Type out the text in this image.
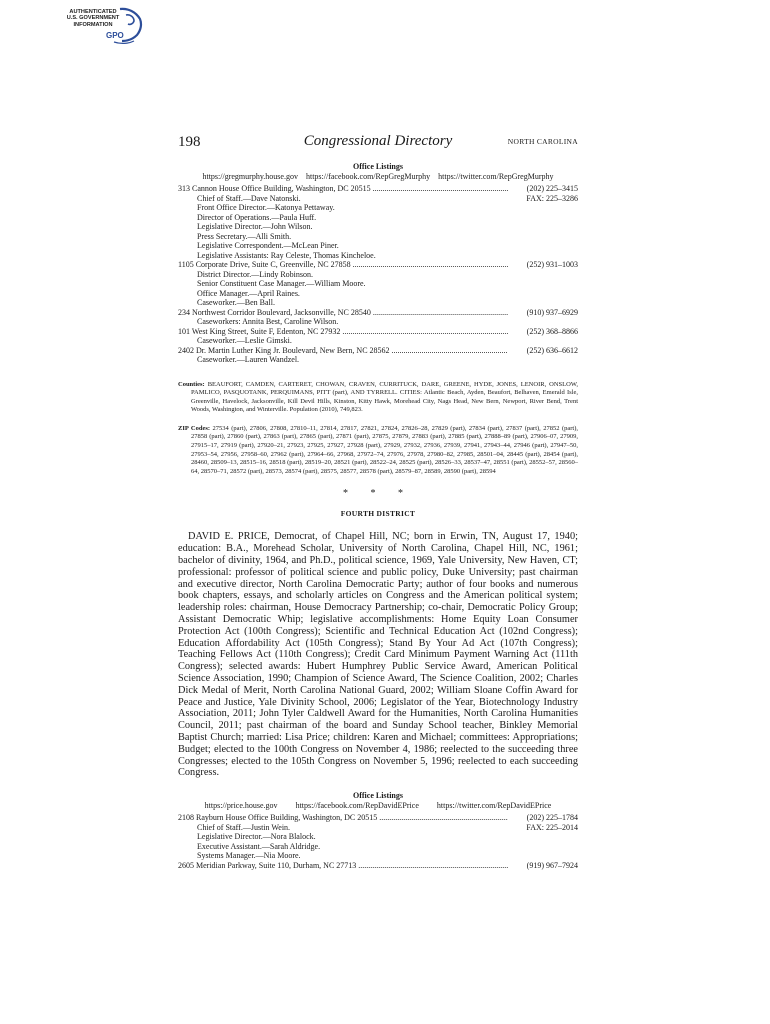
AUTHENTICATED
U.S. GOVERNMENT
INFORMATION
GPO
198	Congressional Directory	NORTH CAROLINA
Office Listings
https://gregmurphy.house.gov https://facebook.com/RepGregMurphy https://twitter.com/RepGregMurphy
313 Cannon House Office Building, Washington, DC 20515 .....	(202) 225–3415
FAX: 225–3286
Chief of Staff.—Dave Natonski.
Front Office Director.—Katonya Pettaway.
Director of Operations.—Paula Huff.
Legislative Director.—John Wilson.
Press Secretary.—Alli Smith.
Legislative Correspondent.—McLean Piner.
Legislative Assistants: Ray Celeste, Thomas Kincheloe.
1105 Corporate Drive, Suite C, Greenville, NC 27858 .....	(252) 931–1003
District Director.—Lindy Robinson.
Senior Constituent Case Manager.—William Moore.
Office Manager.—April Raines.
Caseworker.—Ben Ball.
234 Northwest Corridor Boulevard, Jacksonville, NC 28540 .....	(910) 937–6929
Caseworkers: Annita Best, Caroline Wilson.
101 West King Street, Suite F, Edenton, NC 27932 .....	(252) 368–8866
Caseworker.—Leslie Gimski.
2402 Dr. Martin Luther King Jr. Boulevard, New Bern, NC 28562 .....	(252) 636–6612
Caseworker.—Lauren Wandzel.
Counties: BEAUFORT, CAMDEN, CARTERET, CHOWAN, CRAVEN, CURRITUCK, DARE, GREENE, HYDE, JONES, LENOIR, ONSLOW, PAMLICO, PASQUOTANK, PERQUIMANS, PITT (part), AND TYRRELL. CITIES: Atlantic Beach, Ayden, Beaufort, Belhaven, Emerald Isle, Greenville, Havelock, Jacksonville, Kill Devil Hills, Kinston, Kitty Hawk, Morehead City, Nags Head, New Bern, Newport, River Bend, Trent Woods, Washington, and Winterville. Population (2010), 749,823.
ZIP Codes: 27534 (part), 27806, 27808, 27810–11, 27814, 27817, 27821, 27824, 27826–28, 27829 (part), 27834 (part), 27837 (part), 27852 (part), 27858 (part), 27860 (part), 27863 (part), 27865 (part), 27871 (part), 27875, 27879, 27883 (part), 27885 (part), 27888–89 (part), 27906–07, 27909, 27915–17, 27919 (part), 27920–21, 27923, 27925, 27927, 27928 (part), 27929, 27932, 27936, 27939, 27941, 27943–44, 27946 (part), 27947–50, 27953–54, 27956, 27958–60, 27962 (part), 27964–66, 27968, 27972–74, 27976, 27978, 27980–82, 27985, 28501–04, 28445 (part), 28454 (part), 28460, 28509–13, 28515–16, 28518 (part), 28519–20, 28521 (part), 28522–24, 28525 (part), 28526–33, 28537–47, 28551 (part), 28552–57, 28560–64, 28570–71, 28572 (part), 28573, 28574 (part), 28575, 28577, 28578 (part), 28579–87, 28589, 28590 (part), 28594
* * *
FOURTH DISTRICT
DAVID E. PRICE, Democrat, of Chapel Hill, NC; born in Erwin, TN, August 17, 1940; education: B.A., Morehead Scholar, University of North Carolina, Chapel Hill, NC, 1961; bachelor of divinity, 1964, and Ph.D., political science, 1969, Yale University, New Haven, CT; professional: professor of political science and public policy, Duke University; past chairman and executive director, North Carolina Democratic Party; author of four books and numerous book chapters, essays, and scholarly articles on Congress and the American political system; leadership roles: chairman, House Democracy Partnership; co-chair, Democratic Policy Group; Assistant Democratic Whip; legislative accomplishments: Home Equity Loan Consumer Protection Act (100th Congress); Scientific and Technical Education Act (102nd Congress); Education Affordability Act (105th Congress); Stand By Your Ad Act (107th Congress); Teaching Fellows Act (110th Congress); Credit Card Minimum Payment Warning Act (111th Congress); selected awards: Hubert Humphrey Public Service Award, American Political Science Association, 1990; Champion of Science Award, The Science Coalition, 2002; Charles Dick Medal of Merit, North Carolina National Guard, 2002; William Sloane Coffin Award for Peace and Justice, Yale Divinity School, 2006; Legislator of the Year, Biotechnology Industry Association, 2011; John Tyler Caldwell Award for the Humanities, North Carolina Humanities Council, 2011; past chairman of the board and Sunday School teacher, Binkley Memorial Baptist Church; married: Lisa Price; children: Karen and Michael; committees: Appropriations; Budget; elected to the 100th Congress on November 4, 1986; reelected to the succeeding three Congresses; elected to the 105th Congress on November 5, 1996; reelected to each succeeding Congress.
Office Listings
https://price.house.gov https://facebook.com/RepDavidEPrice https://twitter.com/RepDavidEPrice
2108 Rayburn House Office Building, Washington, DC 20515 .....	(202) 225–1784
FAX: 225–2014
Chief of Staff.—Justin Wein.
Legislative Director.—Nora Blalock.
Executive Assistant.—Sarah Aldridge.
Systems Manager.—Nia Moore.
2605 Meridian Parkway, Suite 110, Durham, NC 27713 .....	(919) 967–7924
